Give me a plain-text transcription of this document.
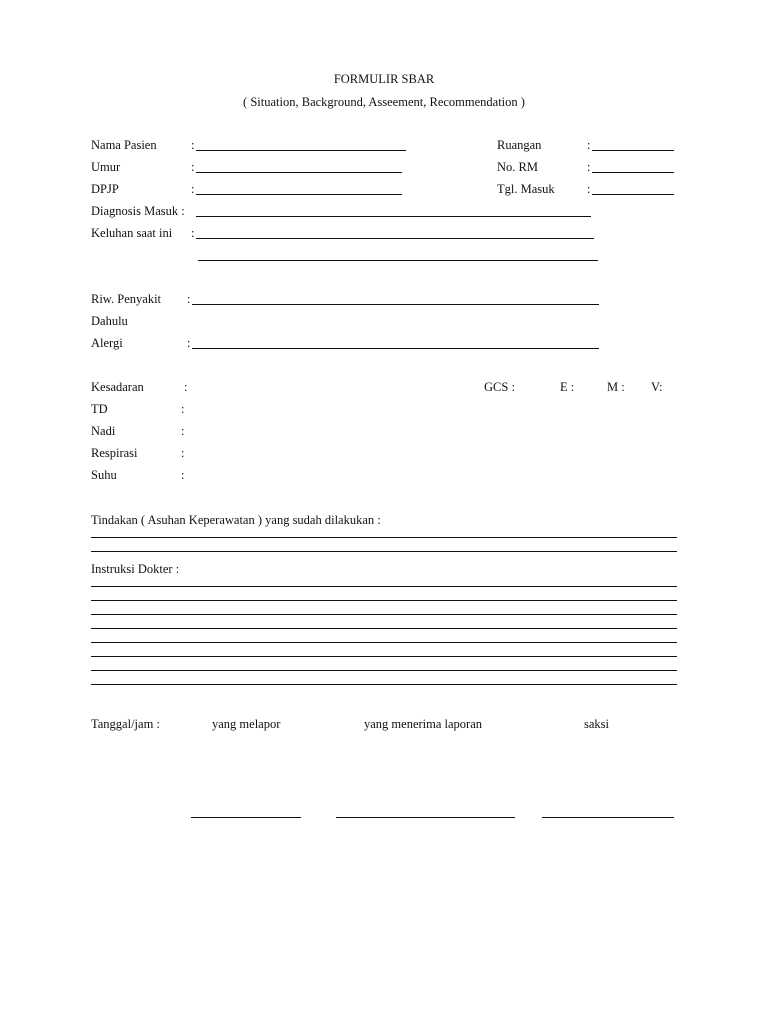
FORMULIR SBAR
( Situation, Background, Asseement, Recommendation )
Nama Pasien	:
Umur	:
DPJP	:
Ruangan	:
No. RM	:
Tgl. Masuk	:
Diagnosis Masuk :
Keluhan saat ini :
Riw. Penyakit :
Dahulu
Alergi	:
Kesadaran	:	GCS :	E :	M : V:
TD	:
Nadi	:
Respirasi	:
Suhu	:
Tindakan ( Asuhan Keperawatan ) yang sudah dilakukan :
Instruksi Dokter :
Tanggal/jam :	yang melapor	yang menerima laporan	saksi
